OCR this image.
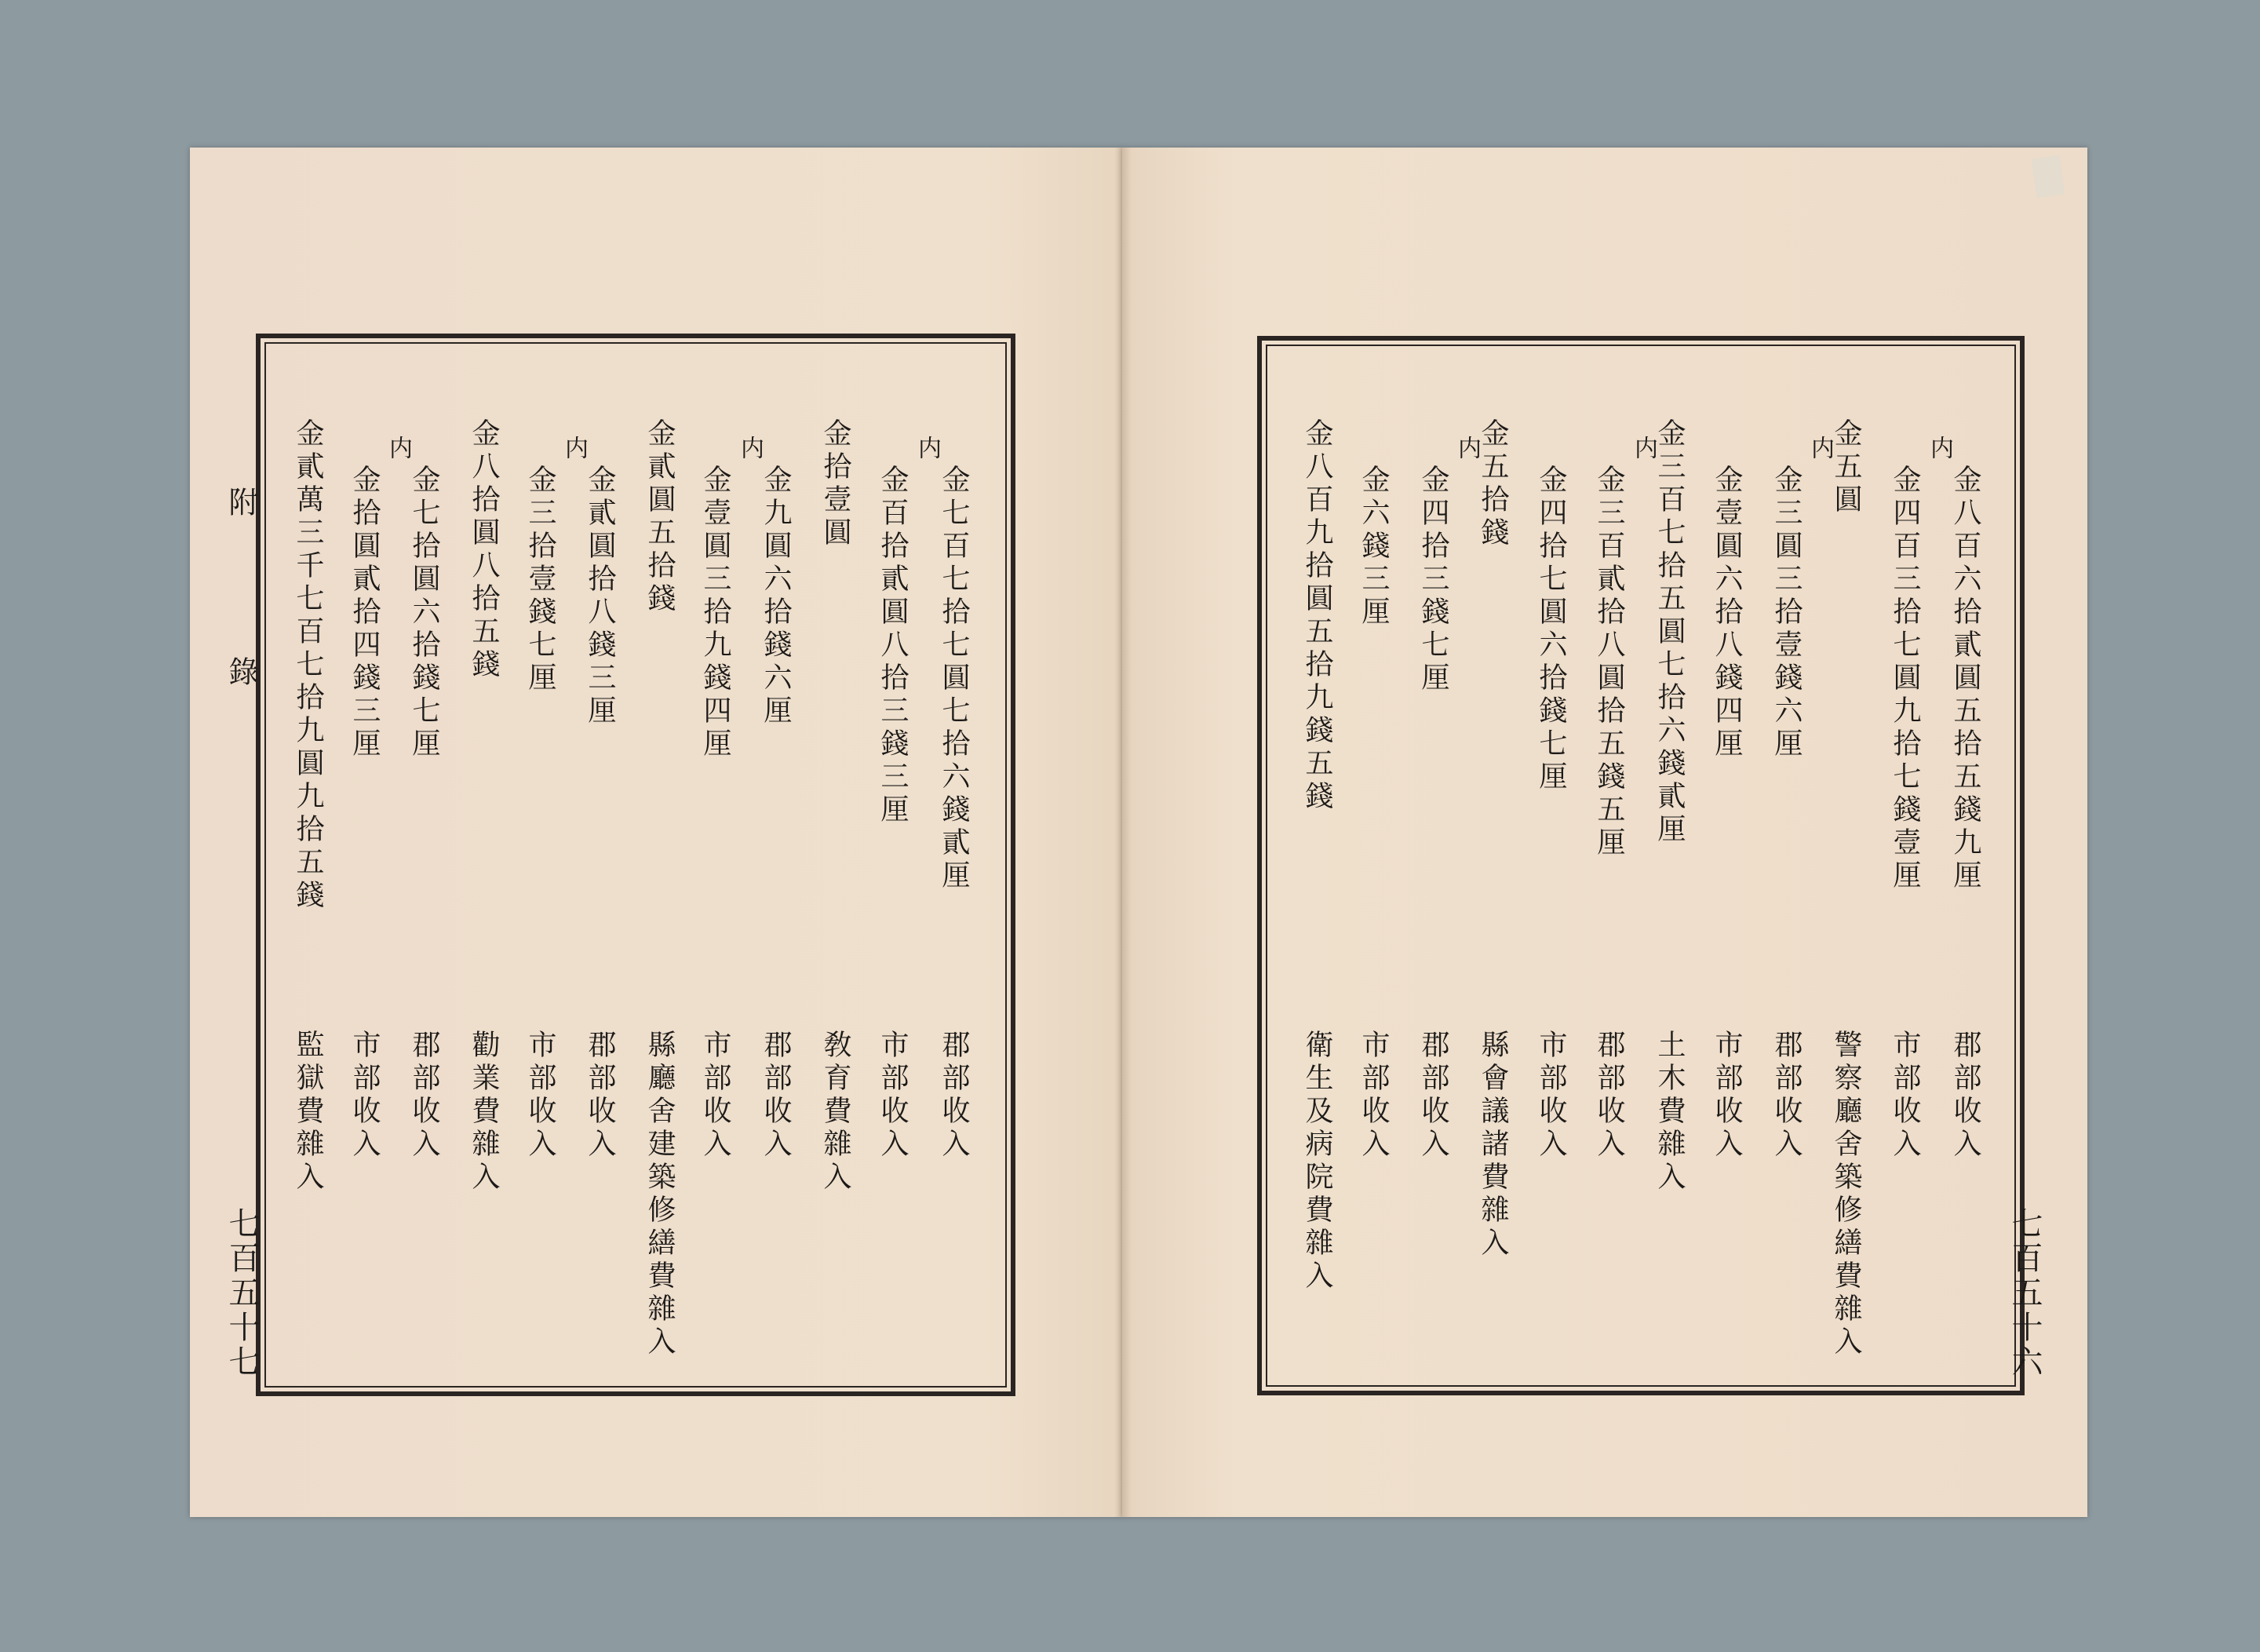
附　錄
七百五十七
金七百七拾七圓七拾六錢貳厘
内
金百拾貳圓八拾三錢三厘
金拾壹圓
金九圓六拾錢六厘
内
金壹圓三拾九錢四厘
金貳圓五拾錢
金貳圓拾八錢三厘
内
金三拾壹錢七厘
金八拾圓八拾五錢
金七拾圓六拾錢七厘
内
金拾圓貳拾四錢三厘
金貳萬三千七百七拾九圓九拾五錢
郡部收入
市部收入
敎育費雜入
郡部收入
市部收入
縣廳舍建築修繕費雜入
郡部收入
市部收入
勸業費雜入
郡部收入
市部收入
監獄費雜入
七百五十六
金八百六拾貳圓五拾五錢九厘
内
金四百三拾七圓九拾七錢壹厘
金五圓
内
金三圓三拾壹錢六厘
金壹圓六拾八錢四厘
金三百七拾五圓七拾六錢貳厘
内
金三百貳拾八圓拾五錢五厘
金四拾七圓六拾錢七厘
金五拾錢
内
金四拾三錢七厘
金六錢三厘
金八百九拾圓五拾九錢五錢
郡部收入
市部收入
警察廳舍築修繕費雜入
郡部收入
市部收入
土木費雜入
郡部收入
市部收入
縣會議諸費雜入
郡部收入
市部收入
衛生及病院費雜入
